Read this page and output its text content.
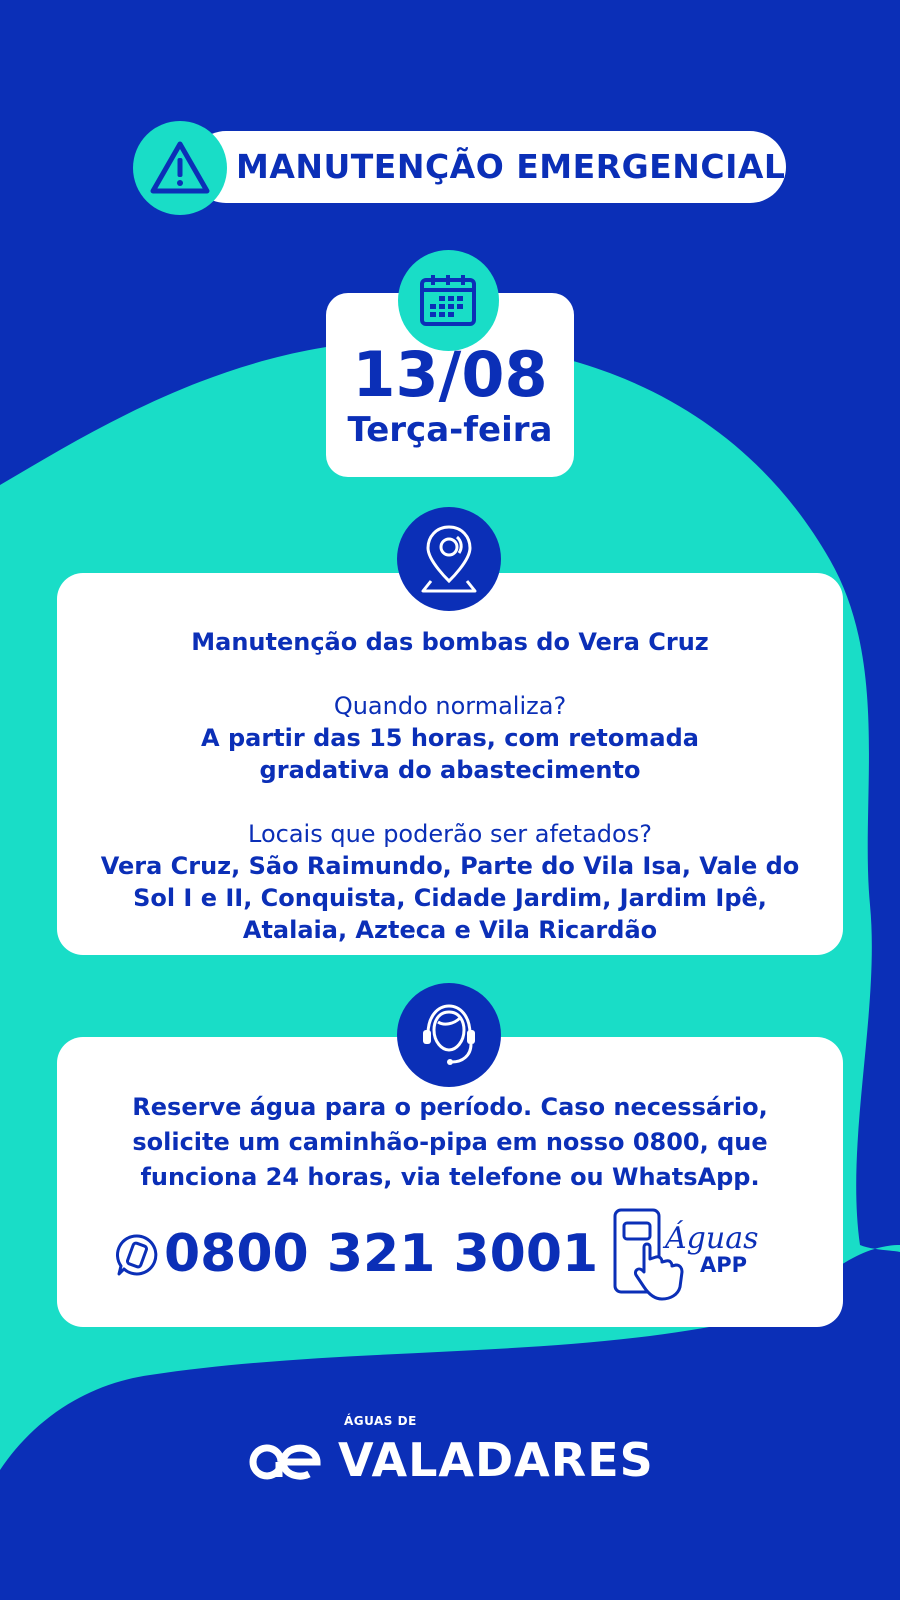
MANUTENÇÃO EMERGENCIAL
13/08
Terça-feira
Manutenção das bombas do Vera Cruz
Quando normaliza?
A partir das 15 horas, com retomada
gradativa do abastecimento
Locais que poderão ser afetados?
Vera Cruz, São Raimundo, Parte do Vila Isa, Vale do
Sol I e II, Conquista, Cidade Jardim, Jardim Ipê,
Atalaia, Azteca e Vila Ricardão
Reserve água para o período. Caso necessário,
solicite um caminhão-pipa em nosso 0800, que
funciona 24 horas, via telefone ou WhatsApp.
0800 321 3001 Águas
APP
ÁGUAS DE
VALADARES
